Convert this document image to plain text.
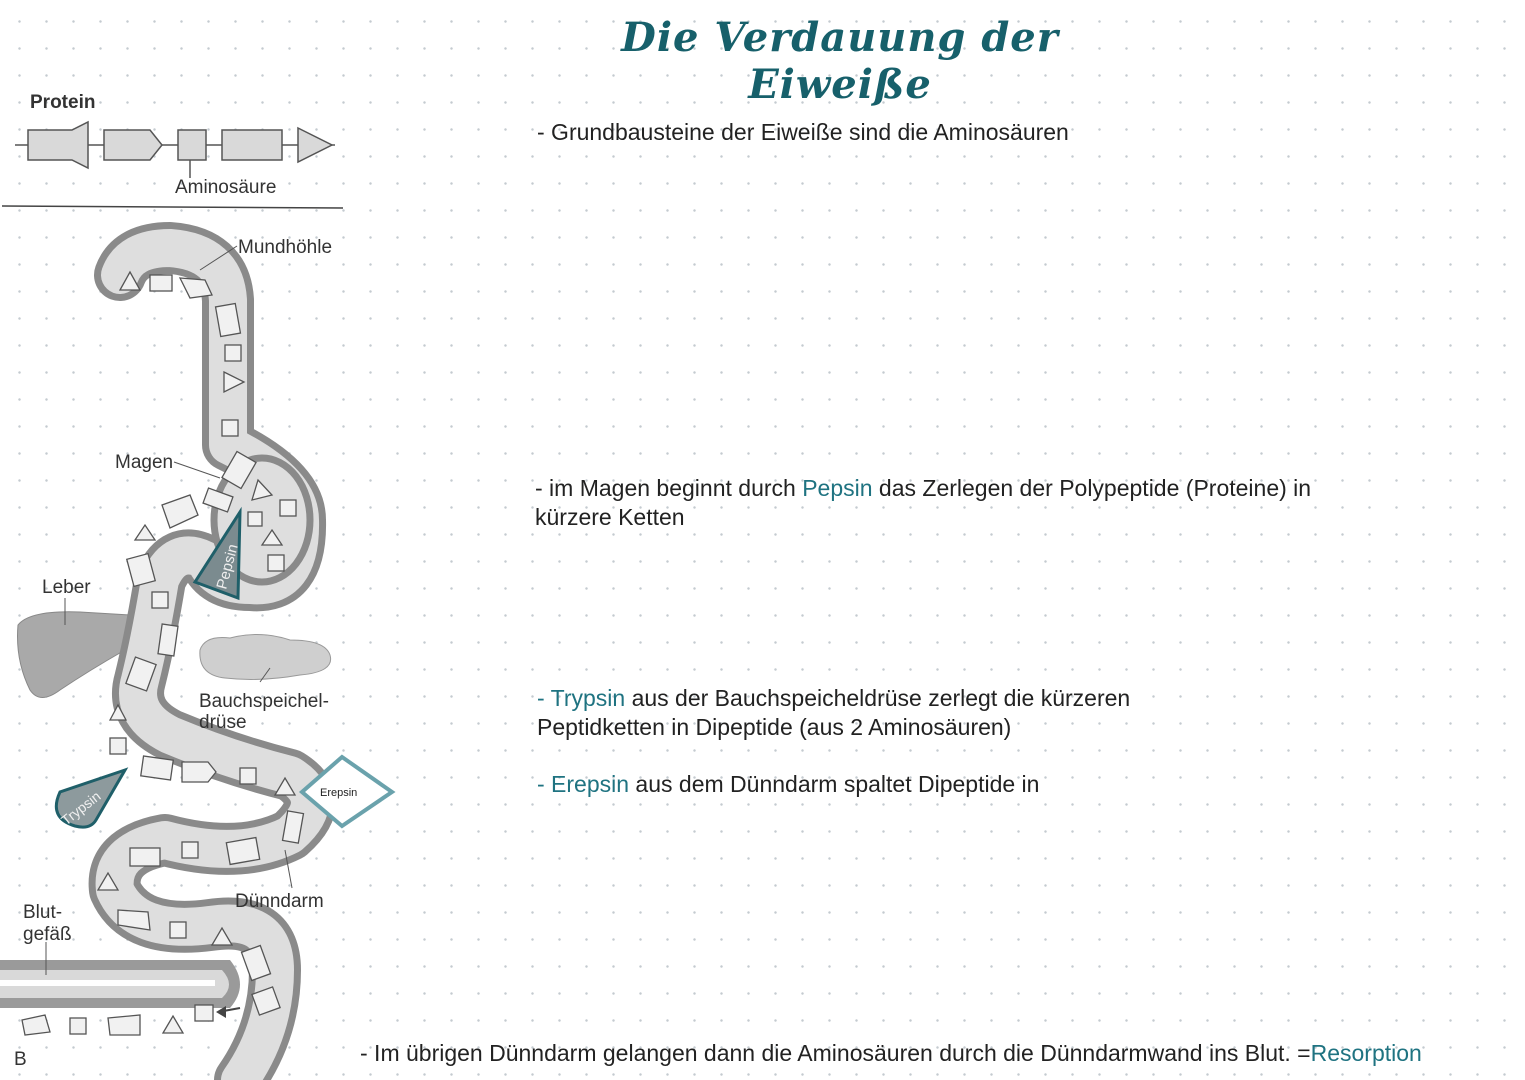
Die Verdauung der Eiweiße
Protein
Aminosäure
Mundhöhle
Magen
Leber
Bauchspeichel-
drüse
Dünndarm
Blut-
gefäß
B
Pepsin
Trypsin	Erepsin
- Grundbausteine der Eiweiße sind die Aminosäuren
- im Magen beginnt durch Pepsin das Zerlegen der Polypeptide (Proteine) in
kürzere Ketten
- Trypsin aus der Bauchspeicheldrüse zerlegt die kürzeren
Peptidketten in Dipeptide (aus 2 Aminosäuren)
- Erepsin aus dem Dünndarm spaltet Dipeptide in
- Im übrigen Dünndarm gelangen dann die Aminosäuren durch die Dünndarmwand ins Blut. =Resorption
